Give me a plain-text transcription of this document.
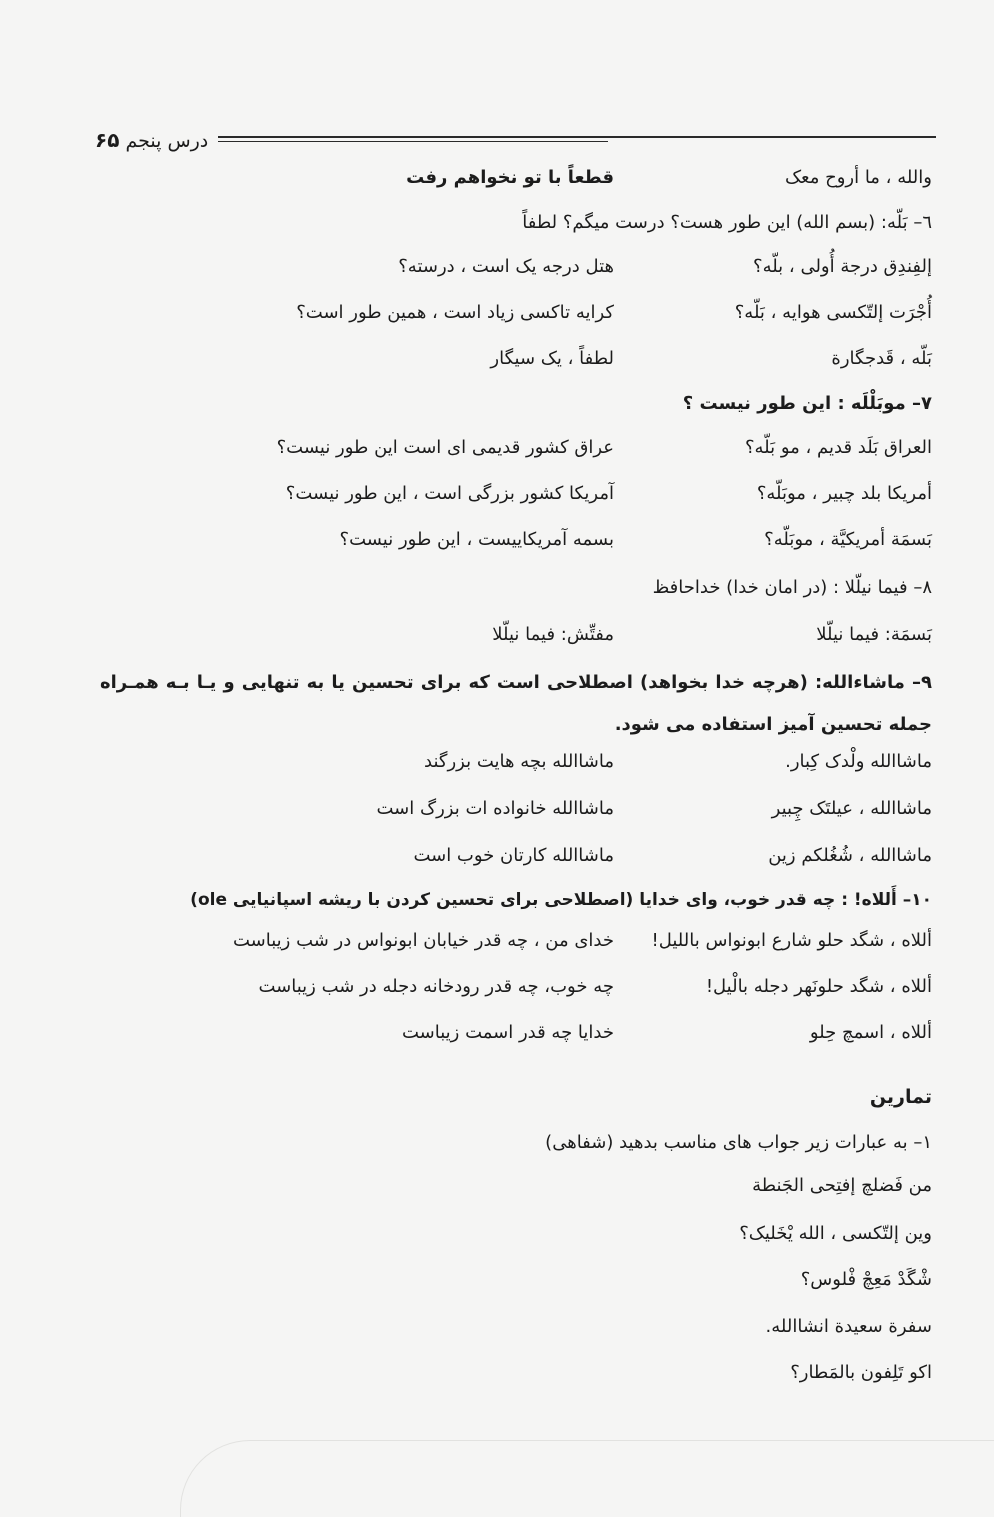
درس پنجم ۶۵
والله ، ما أروح معک
قطعاً با تو نخواهم رفت
٦– بَلّه: (بسم الله) این طور هست؟ درست میگم؟ لطفاً
إلفِندِق درجة أُولی ، بلّه؟
هتل درجه یک است ، درسته؟
أُجْرَت إلتّکسی هوایه ، بَلّه؟
کرایه تاکسی زیاد است ، همین طور است؟
بَلّه ، قَدجگارة
لطفاً ، یک سیگار
٧– موبَلْلَه : این طور نیست ؟
العراق بَلَد قدیم ، مو بَلّه؟
عراق کشور قدیمی ای است این طور نیست؟
أمریکا بلد چبیر ، موبَلّه؟
آمریکا کشور بزرگی است ، این طور نیست؟
بَسمَة أمریکیَّة ، موبَلّه؟
بسمه آمریکاییست ، این طور نیست؟
٨– فیما نیلّلا : (در امان خدا) خداحافظ
بَسمَة: فیما نیلّلا
مفتِّش: فیما نیلّلا
٩– ماشاءالله: (هرچه خدا بخواهد) اصطلاحی است که برای تحسین یا به تنهایی و یـا بـه همـراه جمله تحسین آمیز استفاده می شود.
ماشاالله ولْدک کِبار.
ماشاالله بچه هایت بزرگند
ماشاالله ، عیلتَک چِبیر
ماشاالله خانواده ات بزرگ است
ماشاالله ، شُغُلکم زین
ماشاالله کارتان خوب است
١٠– أَللاه! : چه قدر خوب، وای خدایا (اصطلاحی برای تحسین کردن با ریشه اسپانیایی ole)
أللاه ، شگد حلو شارع ابونواس بالليل!
خدای من ، چه قدر خیابان ابونواس در شب زیباست
أللاه ، شگد حلونَهر دجله بالْیل!
چه خوب، چه قدر رودخانه دجله در شب زیباست
أللاه ، اسمچ حِلو
خدایا چه قدر اسمت زیباست
تمارین
١– به عبارات زیر جواب های مناسب بدهید (شفاهی)
من فَضلچ إفتِحی الجَنطة
وین إلتّکسی ، الله یْخَلیک؟
شْگَدْ مَعِچْ فْلوس؟
سفرة سعیدة انشاالله.
اکو تَلِفون بالمَطار؟
